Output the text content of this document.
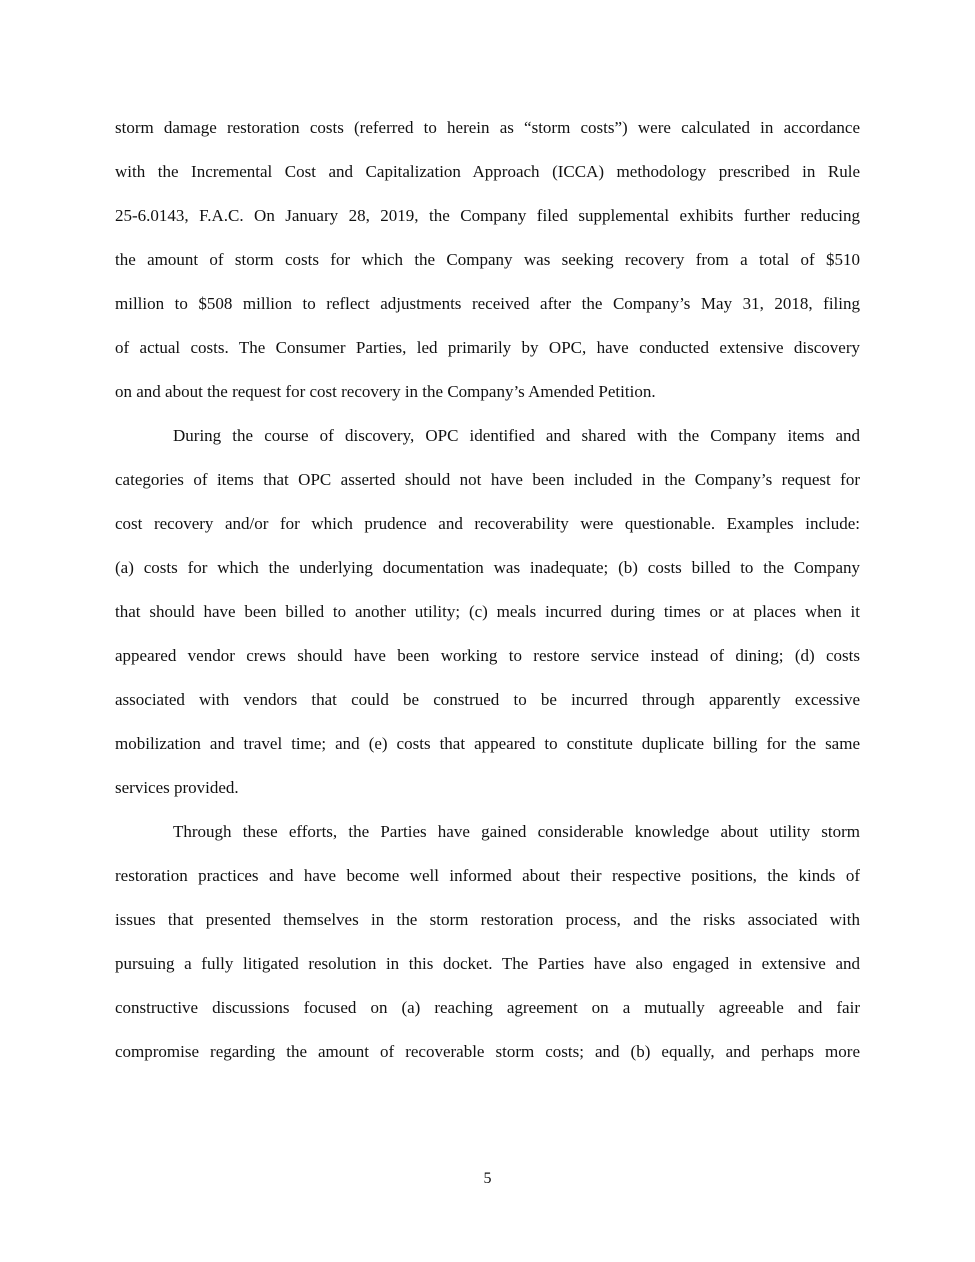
storm damage restoration costs (referred to herein as “storm costs”) were calculated in accordance
with the Incremental Cost and Capitalization Approach (ICCA) methodology prescribed in Rule
25-6.0143, F.A.C. On January 28, 2019, the Company filed supplemental exhibits further reducing
the amount of storm costs for which the Company was seeking recovery from a total of $510
million to $508 million to reflect adjustments received after the Company’s May 31, 2018, filing
of actual costs. The Consumer Parties, led primarily by OPC, have conducted extensive discovery
on and about the request for cost recovery in the Company’s Amended Petition.
During the course of discovery, OPC identified and shared with the Company items and
categories of items that OPC asserted should not have been included in the Company’s request for
cost recovery and/or for which prudence and recoverability were questionable. Examples include:
(a) costs for which the underlying documentation was inadequate; (b) costs billed to the Company
that should have been billed to another utility; (c) meals incurred during times or at places when it
appeared vendor crews should have been working to restore service instead of dining; (d) costs
associated with vendors that could be construed to be incurred through apparently excessive
mobilization and travel time; and (e) costs that appeared to constitute duplicate billing for the same
services provided.
Through these efforts, the Parties have gained considerable knowledge about utility storm
restoration practices and have become well informed about their respective positions, the kinds of
issues that presented themselves in the storm restoration process, and the risks associated with
pursuing a fully litigated resolution in this docket. The Parties have also engaged in extensive and
constructive discussions focused on (a) reaching agreement on a mutually agreeable and fair
compromise regarding the amount of recoverable storm costs; and (b) equally, and perhaps more
5
